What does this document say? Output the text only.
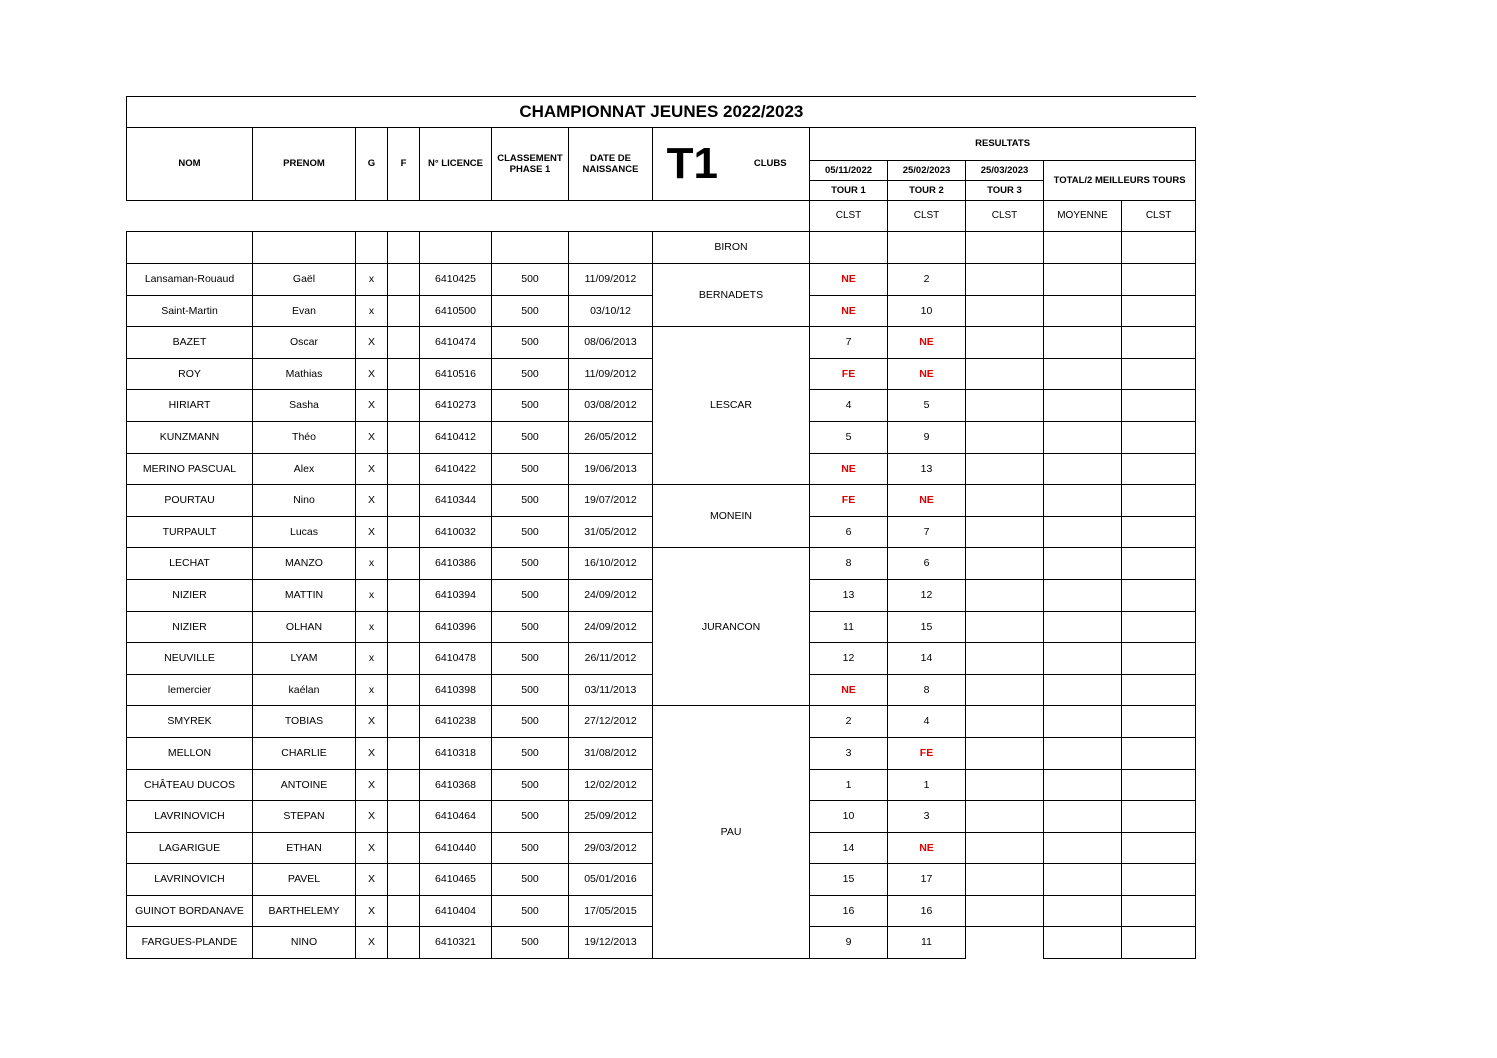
CHAMPIONNAT JEUNES 2022/2023													
NOM	PRENOM	G	F	N° LICENCE	CLASSEMENT PHASE 1	DATE DE NAISSANCE	T1	CLUBS	RESULTATS				
									05/11/2022	25/02/2023	25/03/2023	TOTAL/2 MEILLEURS TOURS	
									TOUR 1	TOUR 2	TOUR 3		
									CLST	CLST	CLST	MOYENNE	CLST
							BIRON						
Lansaman-Rouaud	Gaël	x		6410425	500	11/09/2012	BERNADETS		NE	2			
Saint-Martin	Evan	x		6410500	500	03/10/12			NE	10			
BAZET	Oscar	X		6410474	500	08/06/2013	LESCAR		7	NE			
ROY	Mathias	X		6410516	500	11/09/2012			FE	NE			
HIRIART	Sasha	X		6410273	500	03/08/2012			4	5			
KUNZMANN	Théo	X		6410412	500	26/05/2012			5	9			
MERINO PASCUAL	Alex	X		6410422	500	19/06/2013			NE	13			
POURTAU	Nino	X		6410344	500	19/07/2012	MONEIN		FE	NE			
TURPAULT	Lucas	X		6410032	500	31/05/2012			6	7			
LECHAT	MANZO	x		6410386	500	16/10/2012	JURANCON		8	6			
NIZIER	MATTIN	x		6410394	500	24/09/2012			13	12			
NIZIER	OLHAN	x		6410396	500	24/09/2012			11	15			
NEUVILLE	LYAM	x		6410478	500	26/11/2012			12	14			
lemercier	kaélan	x		6410398	500	03/11/2013			NE	8			
SMYREK	TOBIAS	X		6410238	500	27/12/2012	PAU		2	4			
MELLON	CHARLIE	X		6410318	500	31/08/2012			3	FE			
CHÂTEAU DUCOS	ANTOINE	X		6410368	500	12/02/2012			1	1			
LAVRINOVICH	STEPAN	X		6410464	500	25/09/2012			10	3			
LAGARIGUE	ETHAN	X		6410440	500	29/03/2012			14	NE			
LAVRINOVICH	PAVEL	X		6410465	500	05/01/2016			15	17			
GUINOT BORDANAVE	BARTHELEMY	X		6410404	500	17/05/2015			16	16			
FARGUES-PLANDE	NINO	X		6410321	500	19/12/2013			9	11			
